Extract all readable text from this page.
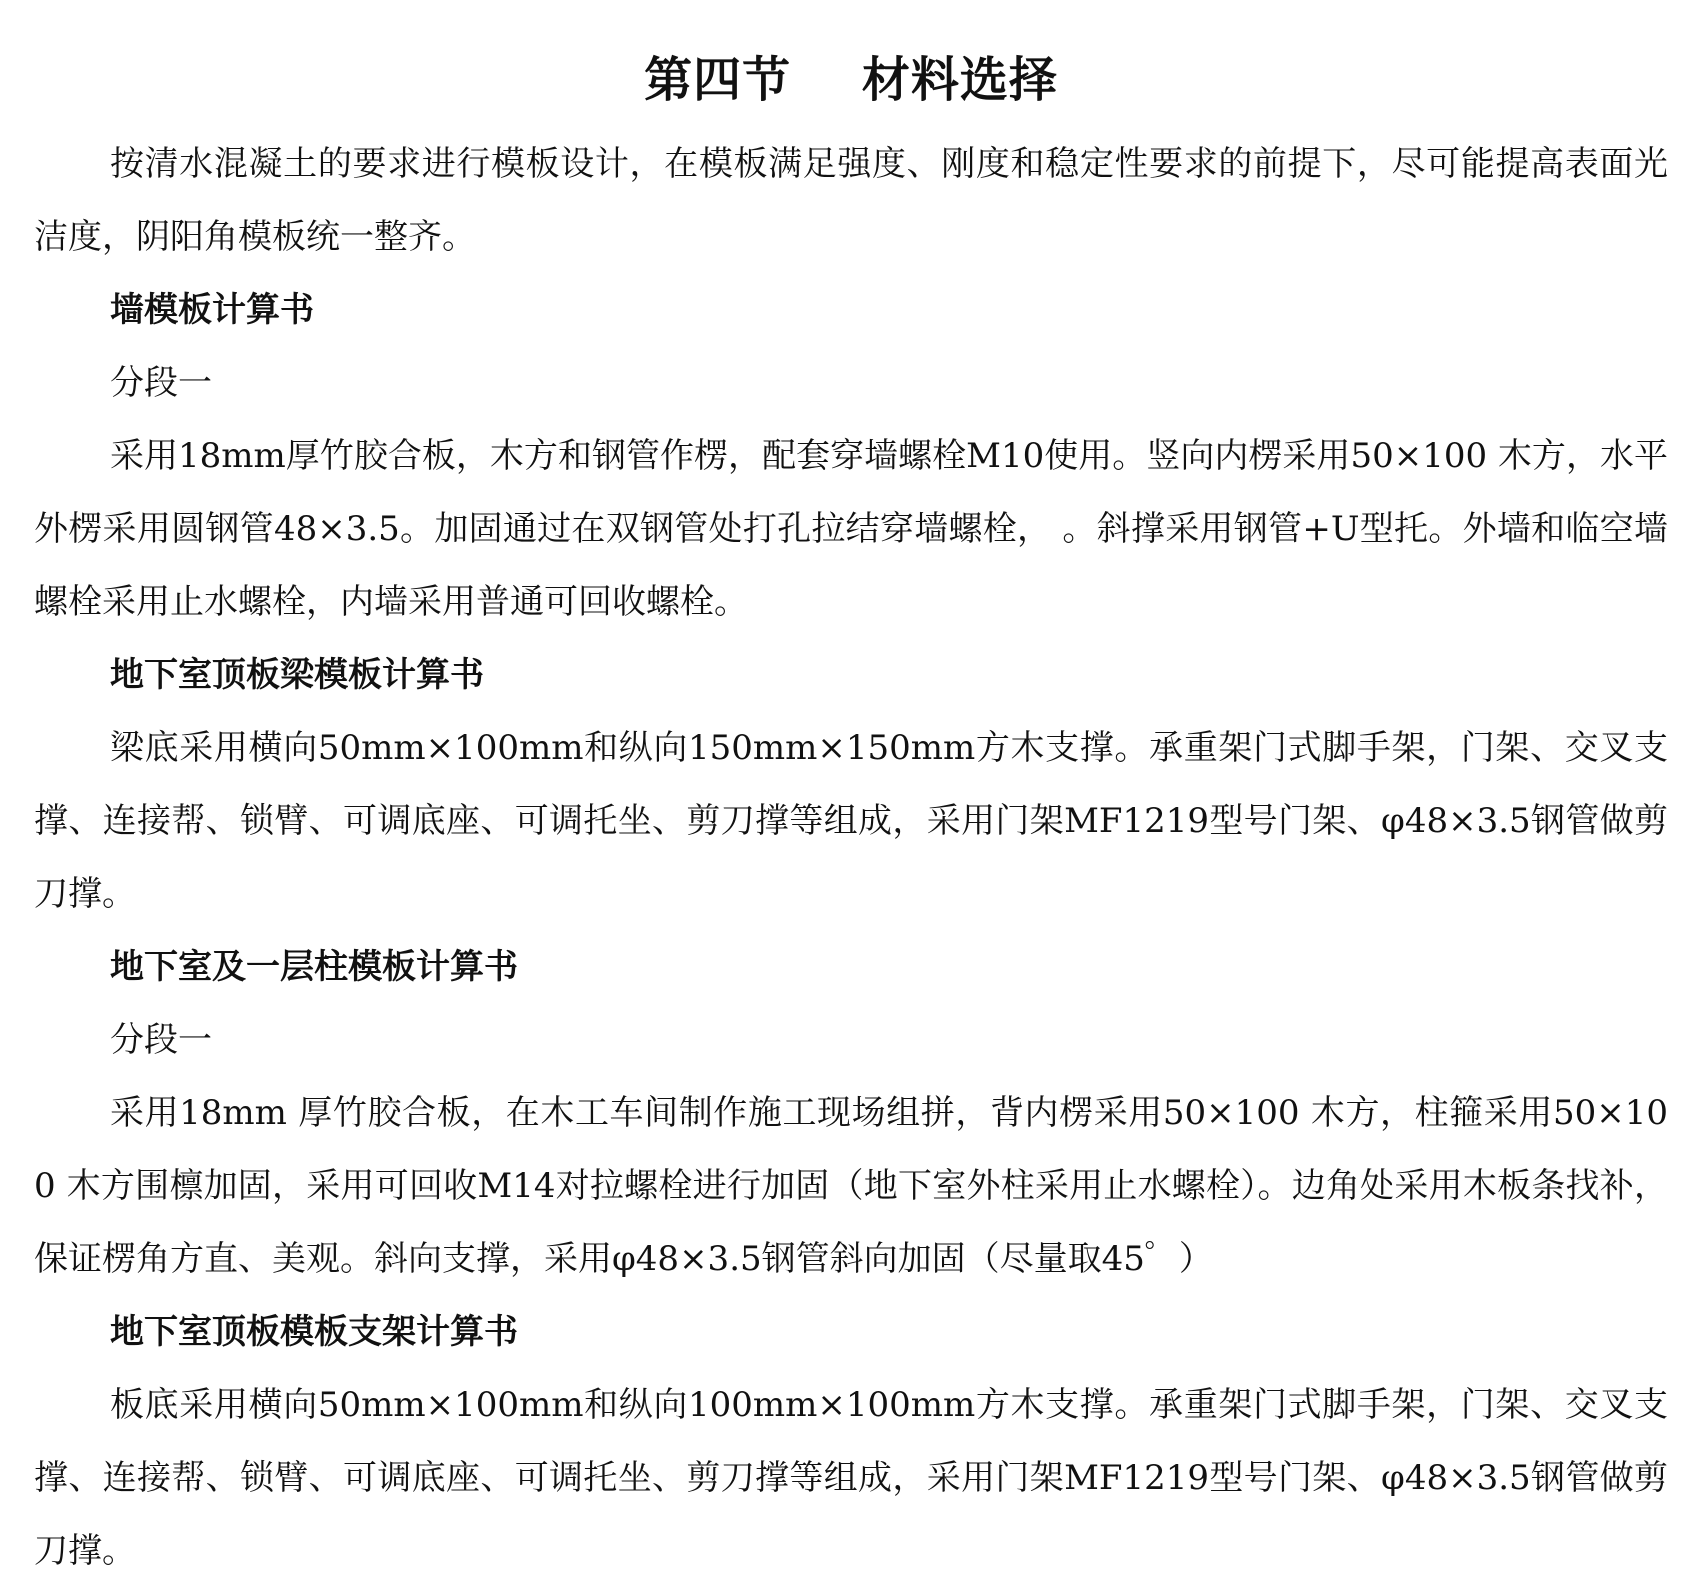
第四节    材料选择

按清水混凝土的要求进行模板设计，在模板满足强度、刚度和稳定性要求的前提下，尽可能提高表面光洁度，阴阳角模板统一整齐。

墙模板计算书

分段一

采用18mm厚竹胶合板，木方和钢管作楞，配套穿墙螺栓M10使用。竖向内楞采用50×100 木方，水平外楞采用圆钢管48×3.5。加固通过在双钢管处打孔拉结穿墙螺栓， 。斜撑采用钢管+U型托。外墙和临空墙螺栓采用止水螺栓，内墙采用普通可回收螺栓。

地下室顶板梁模板计算书

梁底采用横向50mm×100mm和纵向150mm×150mm方木支撑。承重架门式脚手架，门架、交叉支撑、连接帮、锁臂、可调底座、可调托坐、剪刀撑等组成，采用门架MF1219型号门架、φ48×3.5钢管做剪刀撑。

地下室及一层柱模板计算书

分段一

采用18mm 厚竹胶合板，在木工车间制作施工现场组拼，背内楞采用50×100 木方，柱箍采用50×100 木方围檩加固，采用可回收M14对拉螺栓进行加固（地下室外柱采用止水螺栓）。边角处采用木板条找补，保证楞角方直、美观。斜向支撑，采用φ48×3.5钢管斜向加固（尽量取45゜）

地下室顶板模板支架计算书

板底采用横向50mm×100mm和纵向100mm×100mm方木支撑。承重架门式脚手架，门架、交叉支撑、连接帮、锁臂、可调底座、可调托坐、剪刀撑等组成，采用门架MF1219型号门架、φ48×3.5钢管做剪刀撑。
